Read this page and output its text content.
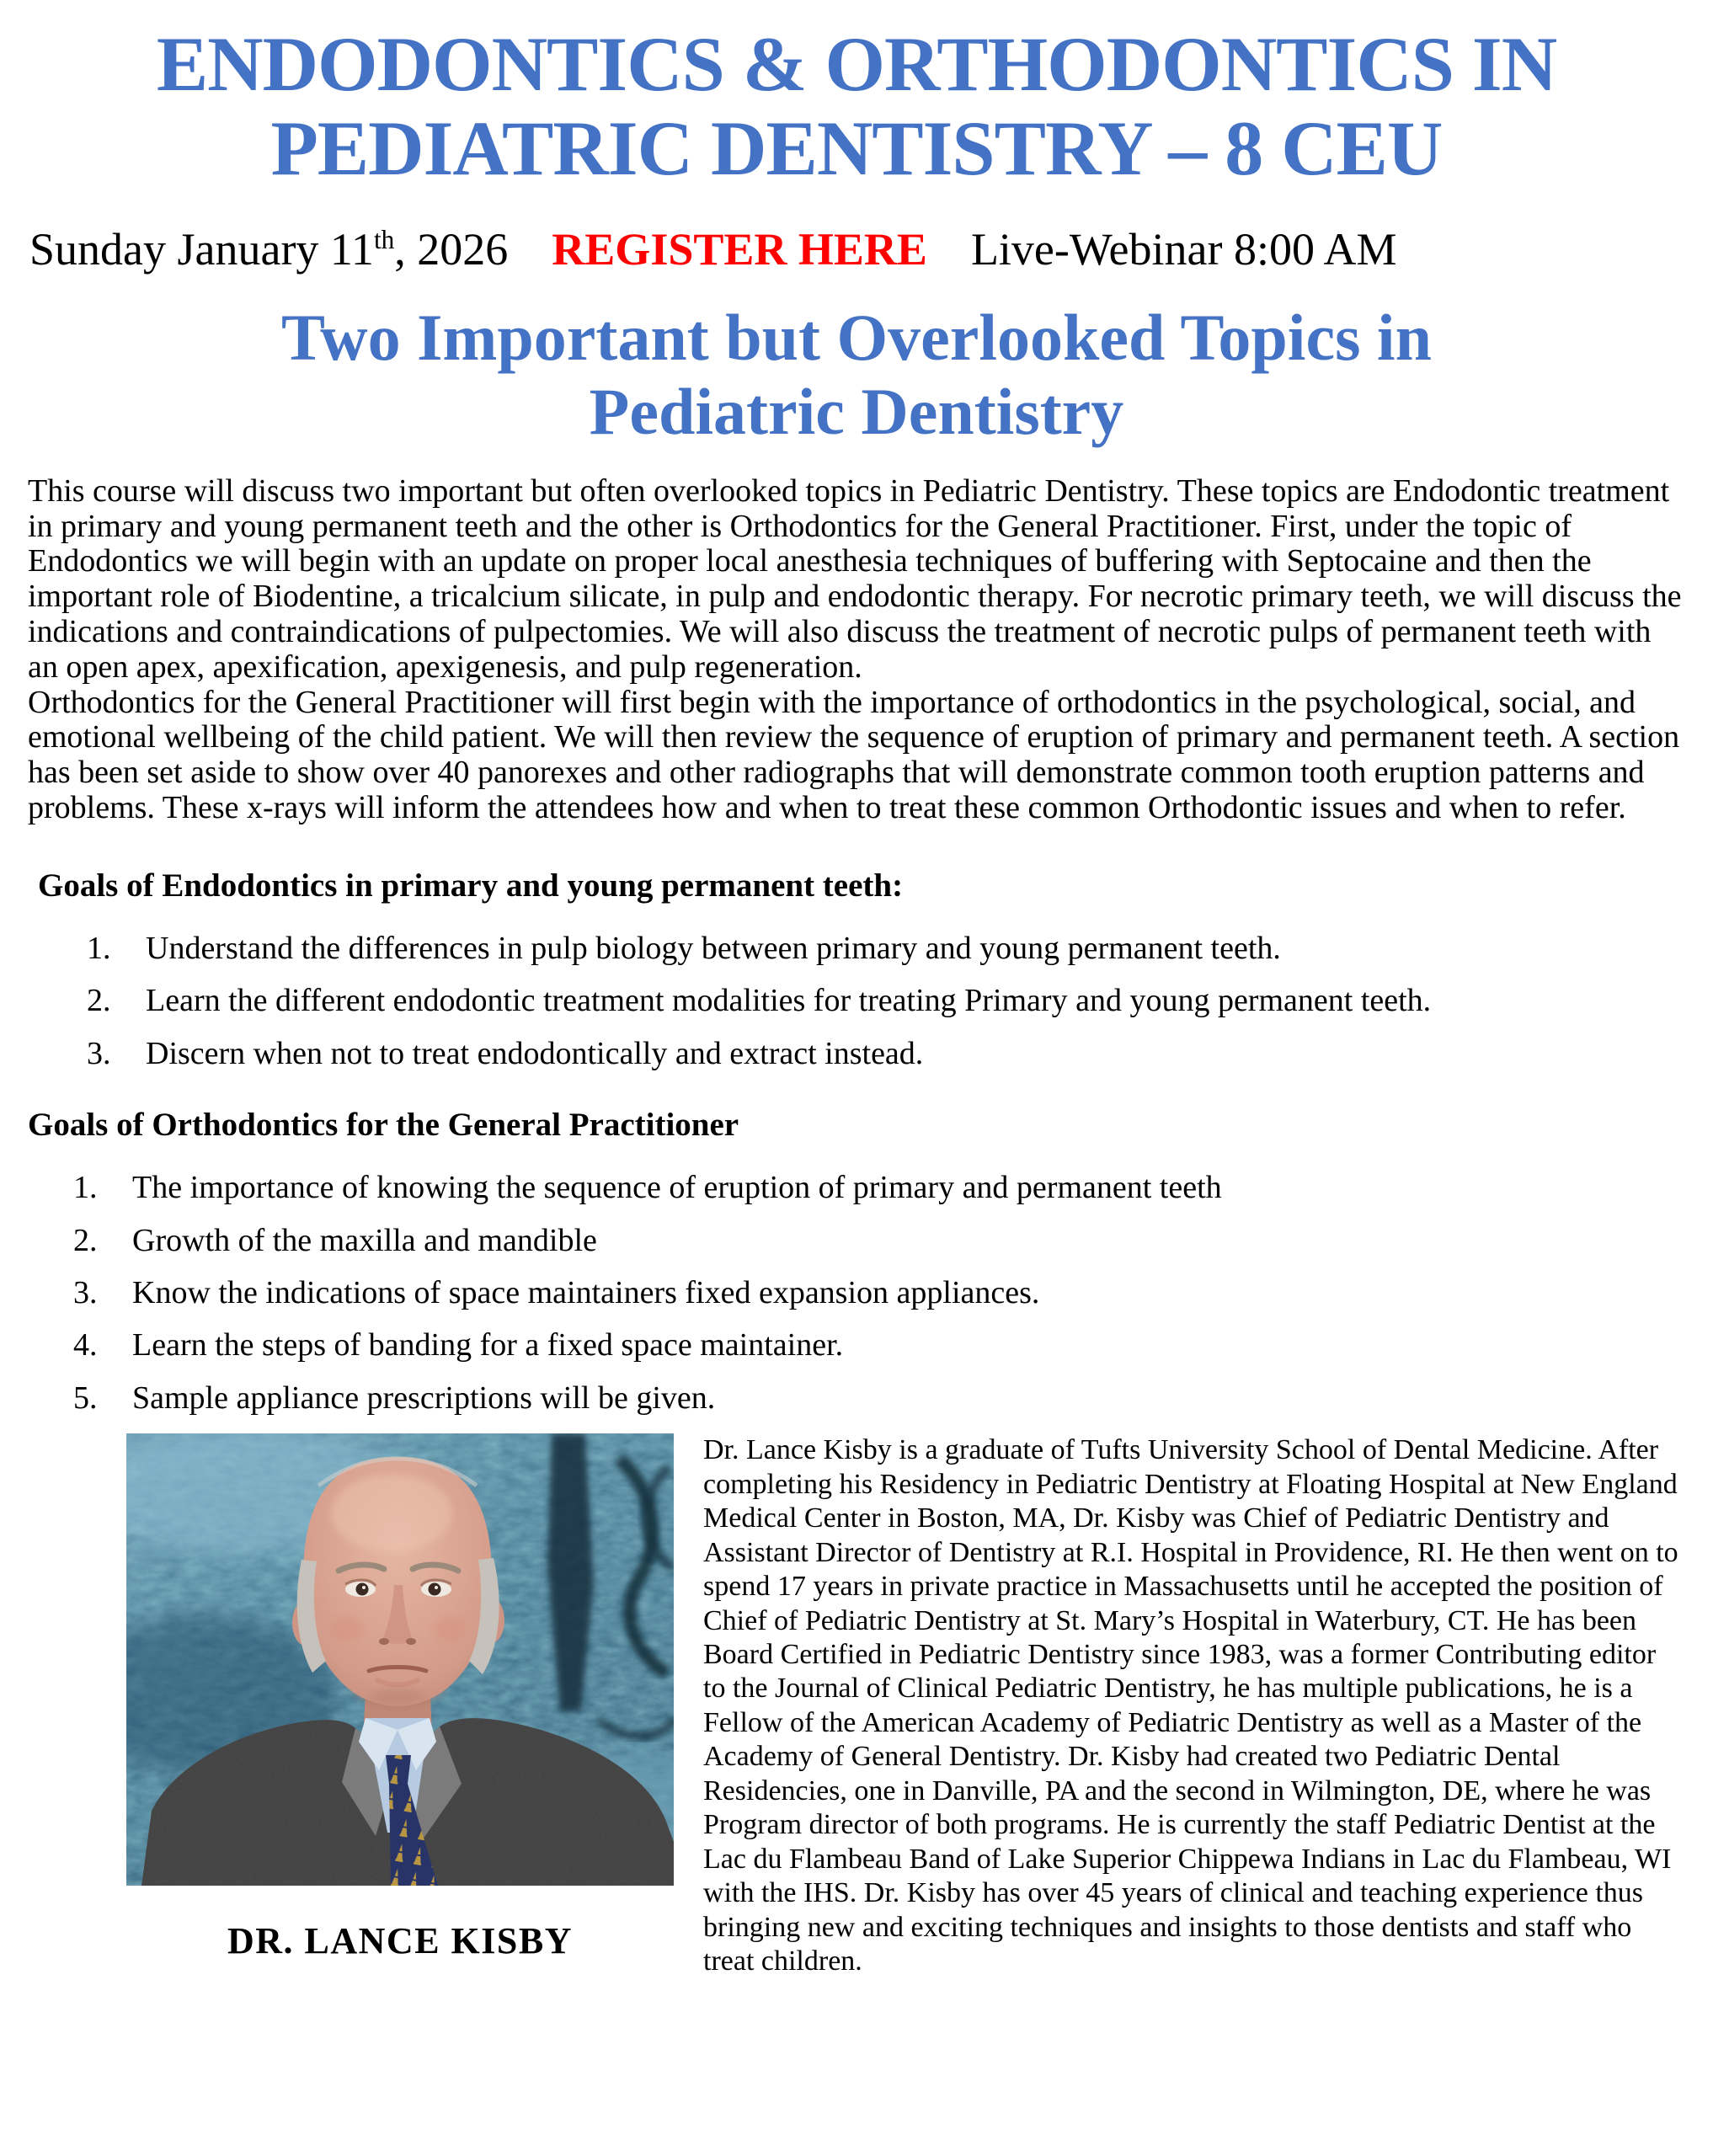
ENDODONTICS & ORTHODONTICS IN
PEDIATRIC DENTISTRY – 8 CEU
Sunday January 11th, 2026 REGISTER HERE Live-Webinar 8:00 AM
Two Important but Overlooked Topics in
Pediatric Dentistry

This course will discuss two important but often overlooked topics in Pediatric Dentistry. These topics are Endodontic treatment in primary and young permanent teeth and the other is Orthodontics for the General Practitioner. First, under the topic of Endodontics we will begin with an update on proper local anesthesia techniques of buffering with Septocaine and then the important role of Biodentine, a tricalcium silicate, in pulp and endodontic therapy. For necrotic primary teeth, we will discuss the indications and contraindications of pulpectomies. We will also discuss the treatment of necrotic pulps of permanent teeth with an open apex, apexification, apexigenesis, and pulp regeneration.

Orthodontics for the General Practitioner will first begin with the importance of orthodontics in the psychological, social, and emotional wellbeing of the child patient. We will then review the sequence of eruption of primary and permanent teeth. A section has been set aside to show over 40 panorexes and other radiographs that will demonstrate common tooth eruption patterns and problems. These x-rays will inform the attendees how and when to treat these common Orthodontic issues and when to refer.

Goals of Endodontics in primary and young permanent teeth:
Understand the differences in pulp biology between primary and young permanent teeth.
Learn the different endodontic treatment modalities for treating Primary and young permanent teeth.
Discern when not to treat endodontically and extract instead.
Goals of Orthodontics for the General Practitioner
The importance of knowing the sequence of eruption of primary and permanent teeth
Growth of the maxilla and mandible
Know the indications of space maintainers fixed expansion appliances.
Learn the steps of banding for a fixed space maintainer.
Sample appliance prescriptions will be given.
DR. LANCE KISBY
Dr. Lance Kisby is a graduate of Tufts University School of Dental Medicine. After completing his Residency in Pediatric Dentistry at Floating Hospital at New England Medical Center in Boston, MA, Dr. Kisby was Chief of Pediatric Dentistry and Assistant Director of Dentistry at R.I. Hospital in Providence, RI. He then went on to spend 17 years in private practice in Massachusetts until he accepted the position of Chief of Pediatric Dentistry at St. Mary’s Hospital in Waterbury, CT. He has been Board Certified in Pediatric Dentistry since 1983, was a former Contributing editor to the Journal of Clinical Pediatric Dentistry, he has multiple publications, he is a Fellow of the American Academy of Pediatric Dentistry as well as a Master of the Academy of General Dentistry. Dr. Kisby had created two Pediatric Dental Residencies, one in Danville, PA and the second in Wilmington, DE, where he was Program director of both programs. He is currently the staff Pediatric Dentist at the Lac du Flambeau Band of Lake Superior Chippewa Indians in Lac du Flambeau, WI with the IHS. Dr. Kisby has over 45 years of clinical and teaching experience thus bringing new and exciting techniques and insights to those dentists and staff who treat children.
